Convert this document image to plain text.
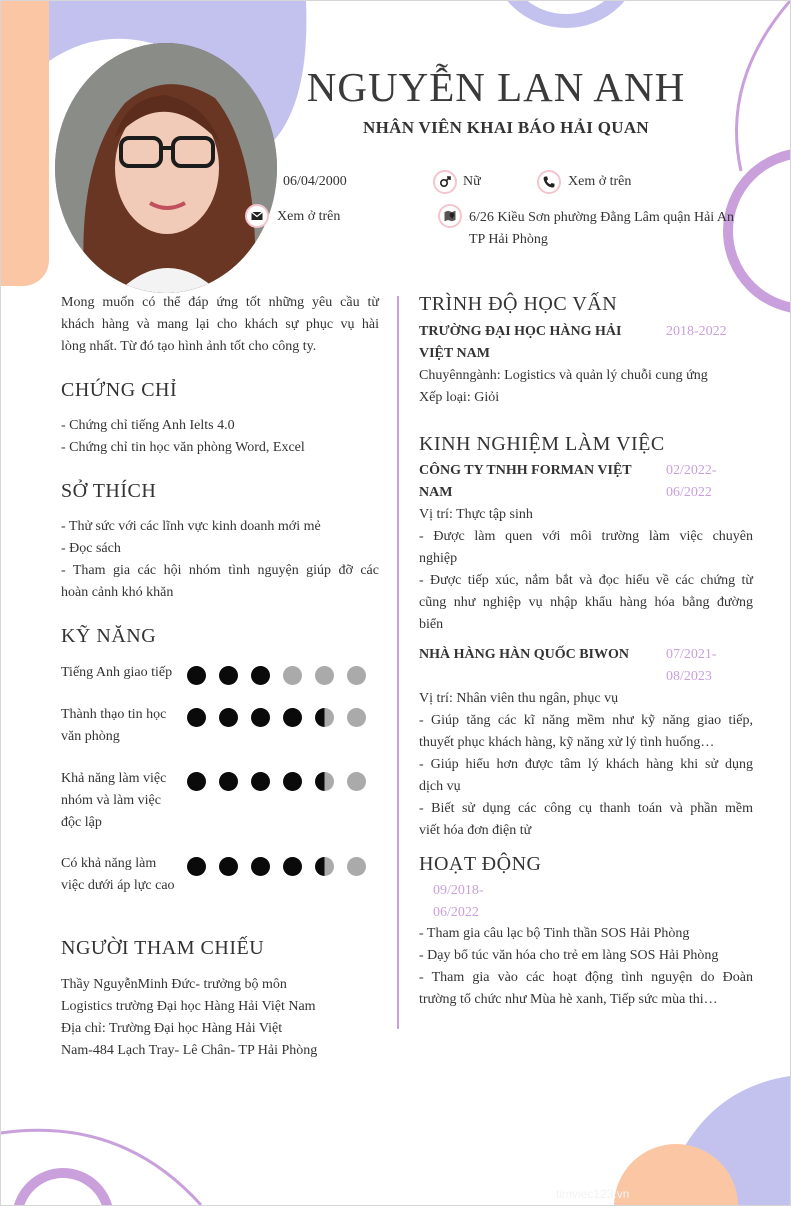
NGUYỄN LAN ANH
NHÂN VIÊN KHAI BÁO HẢI QUAN
06/04/2000	Nữ	Xem ở trên
Xem ở trên	6/26 Kiều Sơn phường Đằng Lâm quận Hải An
TP Hải Phòng
Mong muốn có thể đáp ứng tốt những yêu cầu từ
khách hàng và mang lại cho khách sự phục vụ hài
lòng nhất. Từ đó tạo hình ảnh tốt cho công ty.
CHỨNG CHỈ
- Chứng chỉ tiếng Anh Ielts 4.0
- Chứng chỉ tin học văn phòng Word, Excel
SỞ THÍCH
- Thử sức với các lĩnh vực kinh doanh mới mẻ
- Đọc sách
- Tham gia các hội nhóm tình nguyện giúp đỡ các
hoàn cảnh khó khăn
KỸ NĂNG
Tiếng Anh giao tiếp
Thành thạo tin học
văn phòng
Khả năng làm việc
nhóm và làm việc
độc lập
Có khả năng làm
việc dưới áp lực cao
NGƯỜI THAM CHIẾU
Thầy NguyễnMinh Đức- trưởng bộ môn
Logistics trường Đại học Hàng Hải Việt Nam
Địa chỉ: Trường Đại học Hàng Hải Việt
Nam-484 Lạch Tray- Lê Chân- TP Hải Phòng
TRÌNH ĐỘ HỌC VẤN
TRƯỜNG ĐẠI HỌC HÀNG HẢI
VIỆT NAM
2018-2022
Chuyênngành: Logistics và quản lý chuỗi cung ứng
Xếp loại: Giỏi
KINH NGHIỆM LÀM VIỆC
CÔNG TY TNHH FORMAN VIỆT
NAM
02/2022-
06/2022
Vị trí: Thực tập sinh
- Được làm quen với môi trường làm việc chuyên
nghiệp
- Được tiếp xúc, nắm bắt và đọc hiểu về các chứng từ
cũng như nghiệp vụ nhập khẩu hàng hóa bằng đường
biển
NHÀ HÀNG HÀN QUỐC BIWON	07/2021-
08/2023
Vị trí: Nhân viên thu ngân, phục vụ
- Giúp tăng các kĩ năng mềm như kỹ năng giao tiếp,
thuyết phục khách hàng, kỹ năng xử lý tình huống…
- Giúp hiểu hơn được tâm lý khách hàng khi sử dụng
dịch vụ
- Biết sử dụng các công cụ thanh toán và phần mềm
viết hóa đơn điện tử
HOẠT ĐỘNG
09/2018-
06/2022
- Tham gia câu lạc bộ Tinh thần SOS Hải Phòng
- Dạy bổ túc văn hóa cho trẻ em làng SOS Hải Phòng
- Tham gia vào các hoạt động tình nguyện do Đoàn
trường tổ chức như Mùa hè xanh, Tiếp sức mùa thi…
timviec123.vn
